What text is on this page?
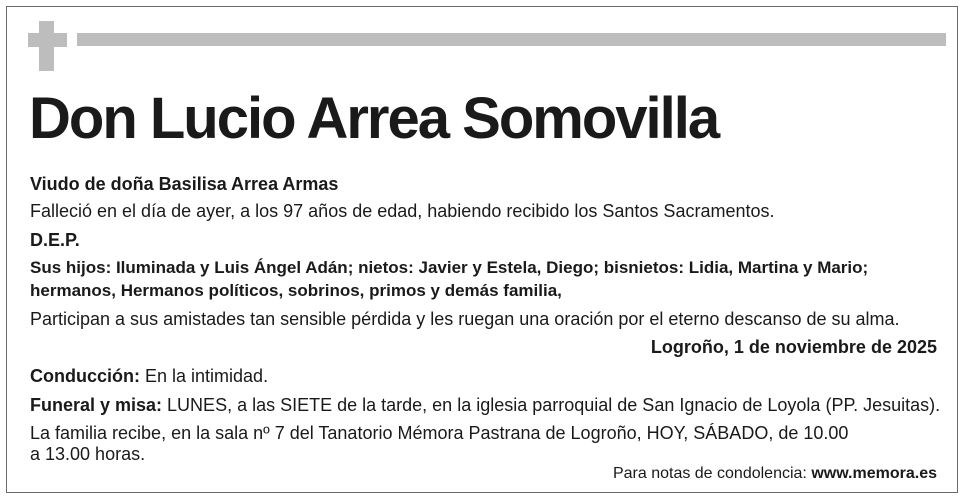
Don Lucio Arrea Somovilla
Viudo de doña Basilisa Arrea Armas
Falleció en el día de ayer, a los 97 años de edad, habiendo recibido los Santos Sacramentos.
D.E.P.
Sus hijos: Iluminada y Luis Ángel Adán; nietos: Javier y Estela, Diego; bisnietos: Lidia, Martina y Mario;
hermanos, Hermanos políticos, sobrinos, primos y demás familia,
Participan a sus amistades tan sensible pérdida y les ruegan una oración por el eterno descanso de su alma.
Logroño, 1 de noviembre de 2025
Conducción: En la intimidad.
Funeral y misa: LUNES, a las SIETE de la tarde, en la iglesia parroquial de San Ignacio de Loyola (PP. Jesuitas).
La familia recibe, en la sala nº 7 del Tanatorio Mémora Pastrana de Logroño, HOY, SÁBADO, de 10.00
a 13.00 horas.
Para notas de condolencia: www.memora.es
